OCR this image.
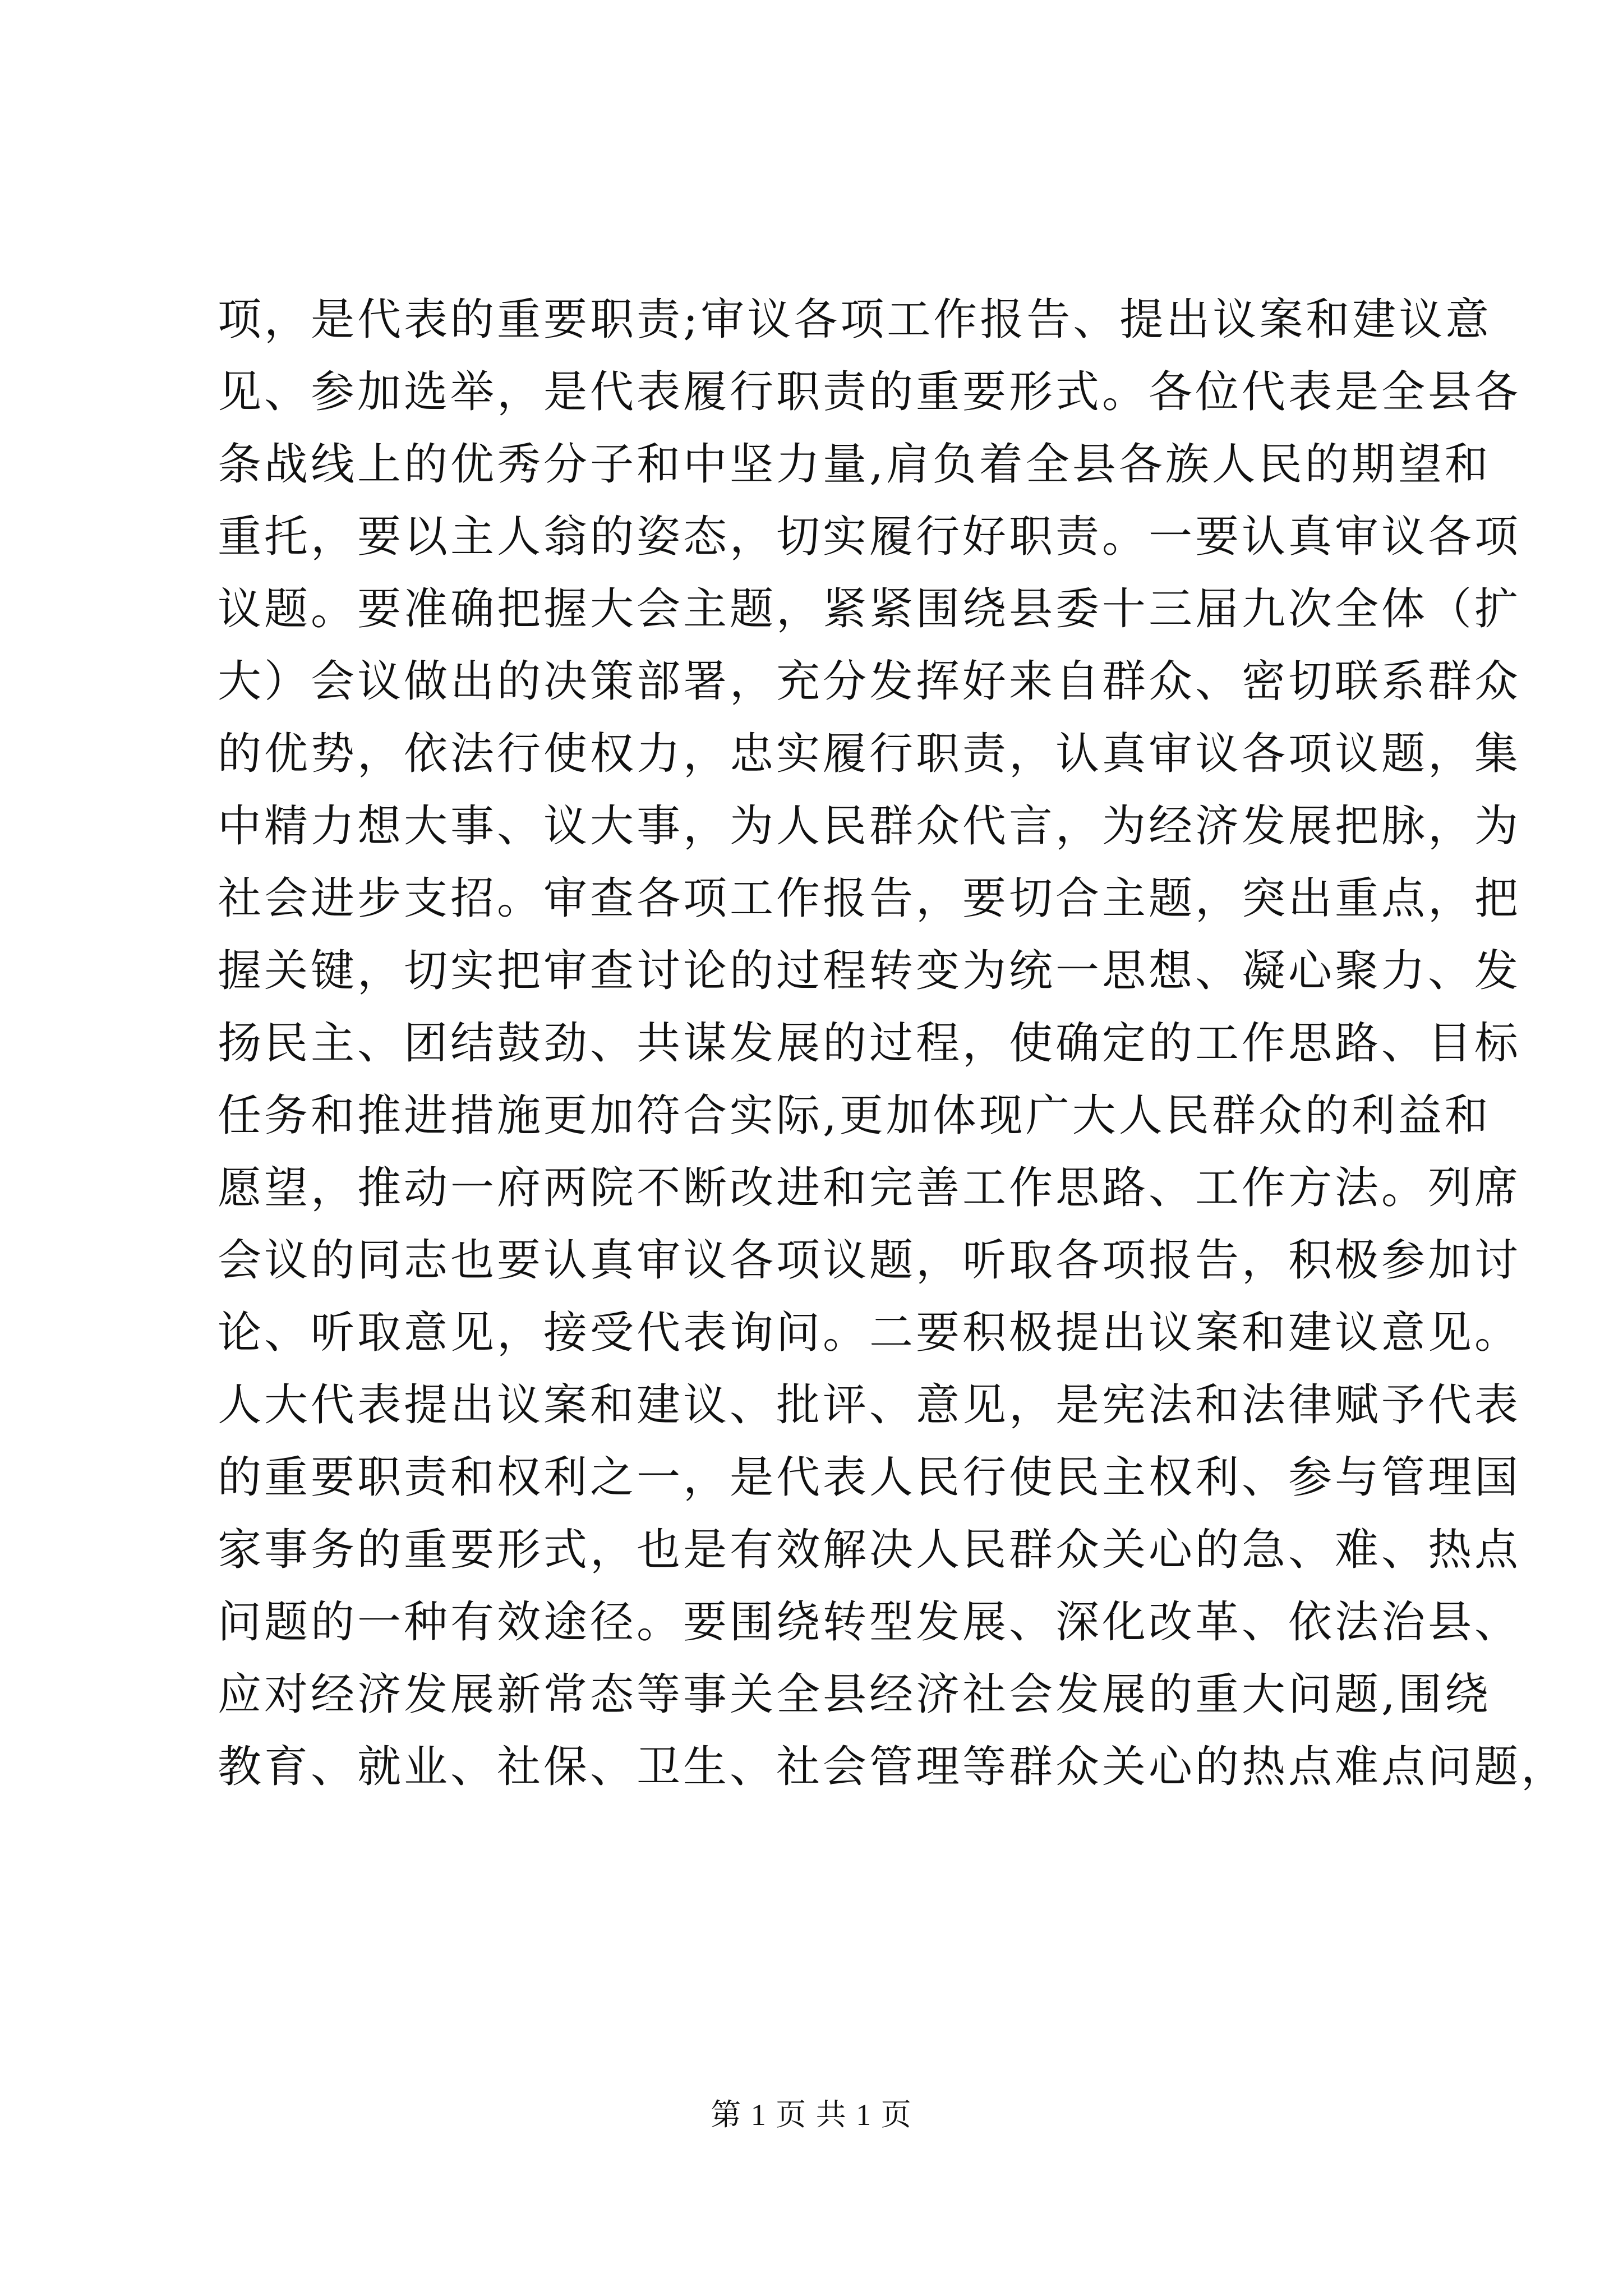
项，是代表的重要职责;审议各项工作报告、提出议案和建议意
见、参加选举，是代表履行职责的重要形式。各位代表是全县各
条战线上的优秀分子和中坚力量,肩负着全县各族人民的期望和
重托，要以主人翁的姿态，切实履行好职责。一要认真审议各项
议题。要准确把握大会主题，紧紧围绕县委十三届九次全体（扩
大）会议做出的决策部署，充分发挥好来自群众、密切联系群众
的优势，依法行使权力，忠实履行职责，认真审议各项议题，集
中精力想大事、议大事，为人民群众代言，为经济发展把脉，为
社会进步支招。审查各项工作报告，要切合主题，突出重点，把
握关键，切实把审查讨论的过程转变为统一思想、凝心聚力、发
扬民主、团结鼓劲、共谋发展的过程，使确定的工作思路、目标
任务和推进措施更加符合实际,更加体现广大人民群众的利益和
愿望，推动一府两院不断改进和完善工作思路、工作方法。列席
会议的同志也要认真审议各项议题，听取各项报告，积极参加讨
论、听取意见，接受代表询问。二要积极提出议案和建议意见。
人大代表提出议案和建议、批评、意见，是宪法和法律赋予代表
的重要职责和权利之一，是代表人民行使民主权利、参与管理国
家事务的重要形式，也是有效解决人民群众关心的急、难、热点
问题的一种有效途径。要围绕转型发展、深化改革、依法治县、
应对经济发展新常态等事关全县经济社会发展的重大问题,围绕
教育、就业、社保、卫生、社会管理等群众关心的热点难点问题，
第 1 页 共 1 页
